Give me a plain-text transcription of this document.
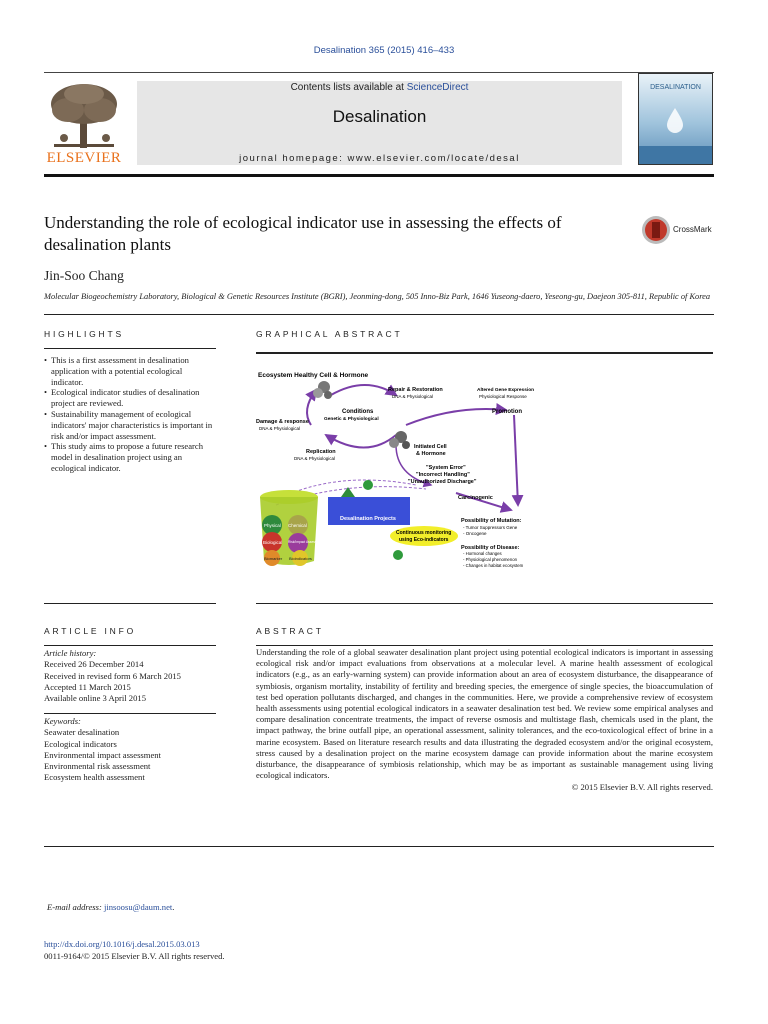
Desalination 365 (2015) 416–433
ELSEVIER
Contents lists available at ScienceDirect
Desalination
journal homepage: www.elsevier.com/locate/desal
DESALINATION
Understanding the role of ecological indicator use in assessing the effects of desalination plants
CrossMark
Jin-Soo Chang
Molecular Biogeochemistry Laboratory, Biological & Genetic Resources Institute (BGRI), Jeonming-dong, 505 Inno-Biz Park, 1646 Yuseong-daero, Yeseong-gu, Daejeon 305-811, Republic of Korea
HIGHLIGHTS
• This is a first assessment in desalination application with a potential ecological indicator.
• Ecological indicator studies of desalination project are reviewed.
• Sustainability management of ecological indicators' major characteristics is important in risk and/or impact assessment.
• This study aims to propose a future research model in desalination project using an ecological indicator.
GRAPHICAL ABSTRACT
Ecosystem Healthy Cell & Hormone
Repair & Restoration
DNA & Physiological
Altered Gene Expression
Physiological Response
Conditions
Genetic & Physiological
Damage & response
DNA & Physiological
Promotion
Initiated Cell
& Hormone
Replication
DNA & Physiological
"System Error"
"Incorrect Handling"
"Unauthorized Discharge"
Carcinogenic
Desalination Projects
Physical Chemical
Biological Risk/Impact Assessment
Biomarker Bioindicators
Continuous monitoring
using Eco-indicators
Possibility of Mutation:
- Tumor Suppressors Gene
- Oncogene
Possibility of Disease:
- Hormonal changes
- Physiological phenomenon
- Changes in habitat ecosystem
ARTICLE INFO
Article history:
Received 26 December 2014
Received in revised form 6 March 2015
Accepted 11 March 2015
Available online 3 April 2015
Keywords:
Seawater desalination
Ecological indicators
Environmental impact assessment
Environmental risk assessment
Ecosystem health assessment
ABSTRACT
Understanding the role of a global seawater desalination plant project using potential ecological indicators is important in assessing ecological risk and/or impact evaluations from observations at a molecular level. A marine health assessment of ecological indicators (e.g., as an early-warning system) can provide information about an area of ecosystem disturbance, the disappearance of symbiosis, organism mortality, instability of fertility and breeding species, the emergence of single species, the bioaccumulation of test bed operation pollutants discharged, and changes in the communities. Here, we provide a comprehensive review of ecosystem health assessments using potential ecological indicators in a seawater desalination test bed. We review some empirical analyses and compare desalination concentrate treatments, the impact of reverse osmosis and multistage flash, chemicals used in the plant, the impact pathway, the brine outfall pipe, an operational assessment, salinity tolerances, and the eco-toxicological effect of brine in a marine ecosystem. Based on literature research results and data illustrating the degraded ecosystem and/or the original ecosystem, stress caused by a desalination project on the marine ecosystem damage can provide information about the marine ecosystem disturbance, the disappearance of symbiosis relationship, which may be as important as sustainable management using living ecological indicators.
© 2015 Elsevier B.V. All rights reserved.
E-mail address: jinsoosu@daum.net.
http://dx.doi.org/10.1016/j.desal.2015.03.013
0011-9164/© 2015 Elsevier B.V. All rights reserved.
